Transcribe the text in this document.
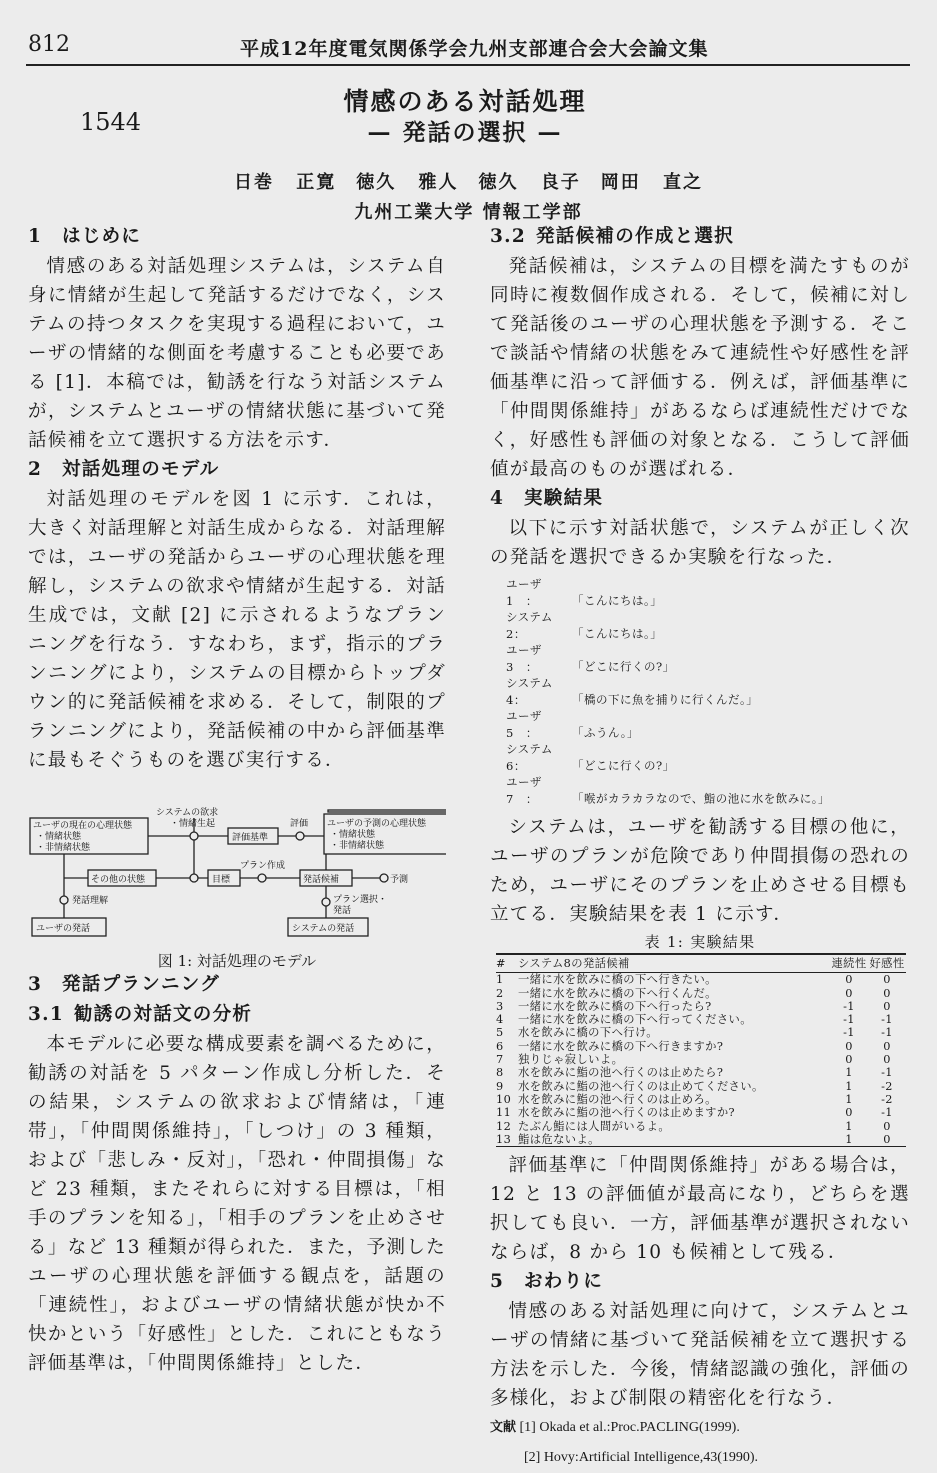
812	平成12年度電気関係学会九州支部連合会大会論文集
1544
情感のある対話処理
— 発話の選択 —
日巻 正寛　徳久 雅人　徳久 良子　岡田 直之
九州工業大学 情報工学部
1 はじめに

情感のある対話処理システムは，システム自身に情緒が生起して発話するだけでなく，システムの持つタスクを実現する過程において，ユーザの情緒的な側面を考慮することも必要である [1]．本稿では，勧誘を行なう対話システムが，システムとユーザの情緒状態に基づいて発話候補を立て選択する方法を示す．

2 対話処理のモデル

対話処理のモデルを図 1 に示す．これは，大きく対話理解と対話生成からなる．対話理解では，ユーザの発話からユーザの心理状態を理解し，システムの欲求や情緒が生起する．対話生成では，文献 [2] に示されるようなプランニングを行なう．すなわち，まず，指示的プランニングにより，システムの目標からトップダウン的に発話候補を求める．そして，制限的プランニングにより，発話候補の中から評価基準に最もそぐうものを選び実行する．

ユーザの現在の心理状態
・情緒状態
・非情緒状態
システムの欲求
・情緒生起
評価基準
評価 ユーザの予測の心理状態
・情緒状態
・非情緒状態
その他の状態	目標
プラン作成
発話候補	予測
発話理解	プラン選択・
発話
ユーザの発話	システムの発話
図 1: 対話処理のモデル
3 発話プランニング
3.1 勧誘の対話文の分析

本モデルに必要な構成要素を調べるために，勧誘の対話を 5 パターン作成し分析した．その結果，システムの欲求および情緒は，「連帯」，「仲間関係維持」，「しつけ」の 3 種類，および「悲しみ・反対」，「恐れ・仲間損傷」など 23 種類，またそれらに対する目標は，「相手のプランを知る」，「相手のプランを止めさせる」など 13 種類が得られた．また，予測したユーザの心理状態を評価する観点を，話題の「連続性」，およびユーザの情緒状態が快か不快かという「好感性」とした．これにともなう評価基準は，「仲間関係維持」とした．

3.2 発話候補の作成と選択

発話候補は，システムの目標を満たすものが同時に複数個作成される．そして，候補に対して発話後のユーザの心理状態を予測する．そこで談話や情緒の状態をみて連続性や好感性を評価基準に沿って評価する．例えば，評価基準に「仲間関係維持」があるならば連続性だけでなく，好感性も評価の対象となる．こうして評価値が最高のものが選ばれる．

4 実験結果

以下に示す対話状態で，システムが正しく次の発話を選択できるか実験を行なった．

ユーザ1　：	「こんにちは。」
システム2：	「こんにちは。」
ユーザ3　：	「どこに行くの?」
システム4：	「橋の下に魚を捕りに行くんだ。」
ユーザ5　：	「ふうん。」
システム6：	「どこに行くの?」
ユーザ7　：	「喉がカラカラなので、鮨の池に水を飲みに。」

システムは，ユーザを勧誘する目標の他に，ユーザのプランが危険であり仲間損傷の恐れのため，ユーザにそのプランを止めさせる目標も立てる．実験結果を表 1 に示す．

表 1: 実験結果
#	システム8の発話候補	連続性	好感性
1	一緒に水を飲みに橋の下へ行きたい。	0	0
2	一緒に水を飲みに橋の下へ行くんだ。	0	0
3	一緒に水を飲みに橋の下へ行ったら?	-1	0
4	一緒に水を飲みに橋の下へ行ってください。	-1	-1
5	水を飲みに橋の下へ行け。	-1	-1
6	一緒に水を飲みに橋の下へ行きますか?	0	0
7	独りじゃ寂しいよ。	0	0
8	水を飲みに鮨の池へ行くのは止めたら?	1	-1
9	水を飲みに鮨の池へ行くのは止めてください。	1	-2
10	水を飲みに鮨の池へ行くのは止めろ。	1	-2
11	水を飲みに鮨の池へ行くのは止めますか?	0	-1
12	たぶん鮨には人間がいるよ。	1	0
13	鮨は危ないよ。	1	0

評価基準に「仲間関係維持」がある場合は，12 と 13 の評価値が最高になり，どちらを選択しても良い．一方，評価基準が選択されないならば，8 から 10 も候補として残る．

5 おわりに

情感のある対話処理に向けて，システムとユーザの情緒に基づいて発話候補を立て選択する方法を示した．今後，情緒認識の強化，評価の多様化，および制限の精密化を行なう．

文献 [1] Okada et al.:Proc.PACLING(1999).
[2] Hovy:Artificial Intelligence,43(1990).
